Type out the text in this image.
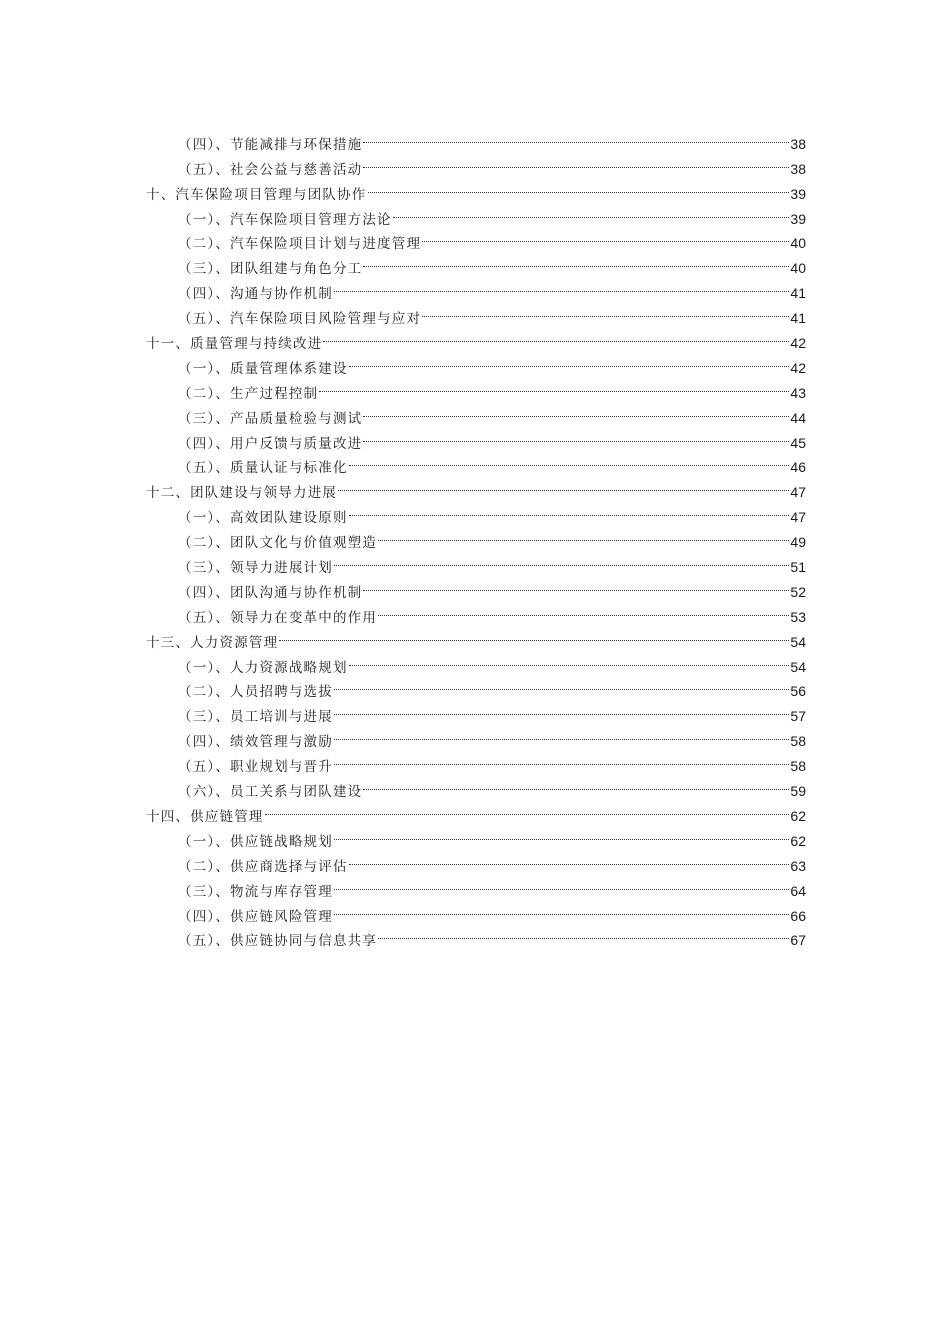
（四）、节能减排与环保措施	38
（五）、社会公益与慈善活动	38
十、汽车保险项目管理与团队协作	39
（一）、汽车保险项目管理方法论	39
（二）、汽车保险项目计划与进度管理	40
（三）、团队组建与角色分工	40
（四）、沟通与协作机制	41
（五）、汽车保险项目风险管理与应对	41
十一、质量管理与持续改进	42
（一）、质量管理体系建设	42
（二）、生产过程控制	43
（三）、产品质量检验与测试	44
（四）、用户反馈与质量改进	45
（五）、质量认证与标准化	46
十二、团队建设与领导力进展	47
（一）、高效团队建设原则	47
（二）、团队文化与价值观塑造	49
（三）、领导力进展计划	51
（四）、团队沟通与协作机制	52
（五）、领导力在变革中的作用	53
十三、人力资源管理	54
（一）、人力资源战略规划	54
（二）、人员招聘与选拔	56
（三）、员工培训与进展	57
（四）、绩效管理与激励	58
（五）、职业规划与晋升	58
（六）、员工关系与团队建设	59
十四、供应链管理	62
（一）、供应链战略规划	62
（二）、供应商选择与评估	63
（三）、物流与库存管理	64
（四）、供应链风险管理	66
（五）、供应链协同与信息共享	67
